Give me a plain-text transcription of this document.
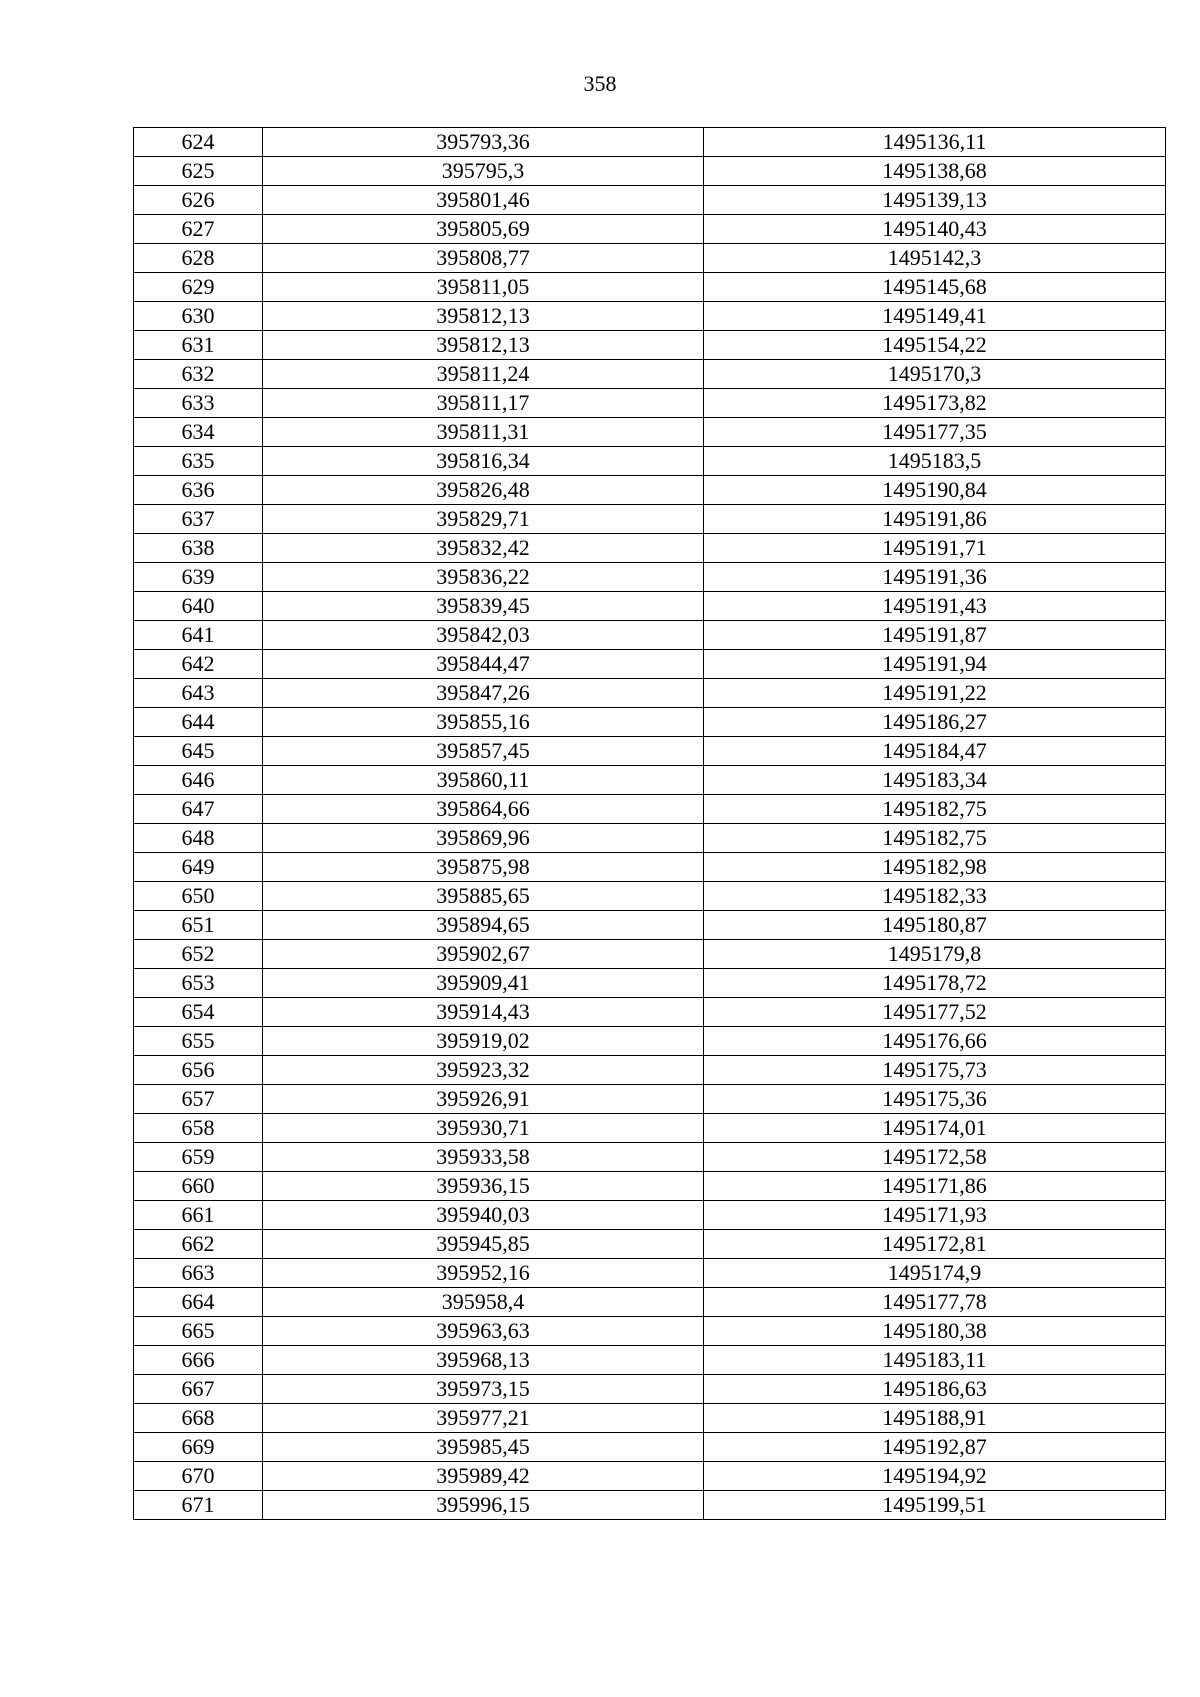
358
624	395793,36	1495136,11
625	395795,3	1495138,68
626	395801,46	1495139,13
627	395805,69	1495140,43
628	395808,77	1495142,3
629	395811,05	1495145,68
630	395812,13	1495149,41
631	395812,13	1495154,22
632	395811,24	1495170,3
633	395811,17	1495173,82
634	395811,31	1495177,35
635	395816,34	1495183,5
636	395826,48	1495190,84
637	395829,71	1495191,86
638	395832,42	1495191,71
639	395836,22	1495191,36
640	395839,45	1495191,43
641	395842,03	1495191,87
642	395844,47	1495191,94
643	395847,26	1495191,22
644	395855,16	1495186,27
645	395857,45	1495184,47
646	395860,11	1495183,34
647	395864,66	1495182,75
648	395869,96	1495182,75
649	395875,98	1495182,98
650	395885,65	1495182,33
651	395894,65	1495180,87
652	395902,67	1495179,8
653	395909,41	1495178,72
654	395914,43	1495177,52
655	395919,02	1495176,66
656	395923,32	1495175,73
657	395926,91	1495175,36
658	395930,71	1495174,01
659	395933,58	1495172,58
660	395936,15	1495171,86
661	395940,03	1495171,93
662	395945,85	1495172,81
663	395952,16	1495174,9
664	395958,4	1495177,78
665	395963,63	1495180,38
666	395968,13	1495183,11
667	395973,15	1495186,63
668	395977,21	1495188,91
669	395985,45	1495192,87
670	395989,42	1495194,92
671	395996,15	1495199,51
